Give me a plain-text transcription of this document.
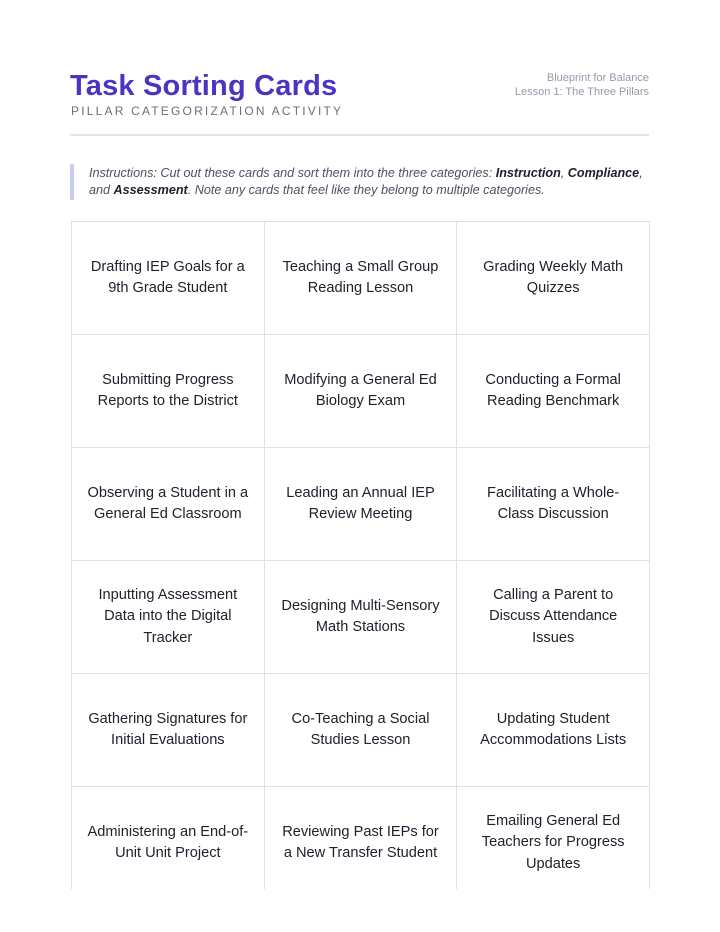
Task Sorting Cards
PILLAR CATEGORIZATION ACTIVITY
Blueprint for Balance
Lesson 1: The Three Pillars
Instructions: Cut out these cards and sort them into the three categories: Instruction, Compliance, and Assessment. Note any cards that feel like they belong to multiple categories.
Drafting IEP Goals for a 9th Grade Student
Teaching a Small Group Reading Lesson
Grading Weekly Math Quizzes
Submitting Progress Reports to the District
Modifying a General Ed Biology Exam
Conducting a Formal Reading Benchmark
Observing a Student in a General Ed Classroom
Leading an Annual IEP Review Meeting
Facilitating a Whole-Class Discussion
Inputting Assessment Data into the Digital Tracker
Designing Multi-Sensory Math Stations
Calling a Parent to Discuss Attendance Issues
Gathering Signatures for Initial Evaluations
Co-Teaching a Social Studies Lesson
Updating Student Accommodations Lists
Administering an End-of-Unit Unit Project
Reviewing Past IEPs for a New Transfer Student
Emailing General Ed Teachers for Progress Updates
